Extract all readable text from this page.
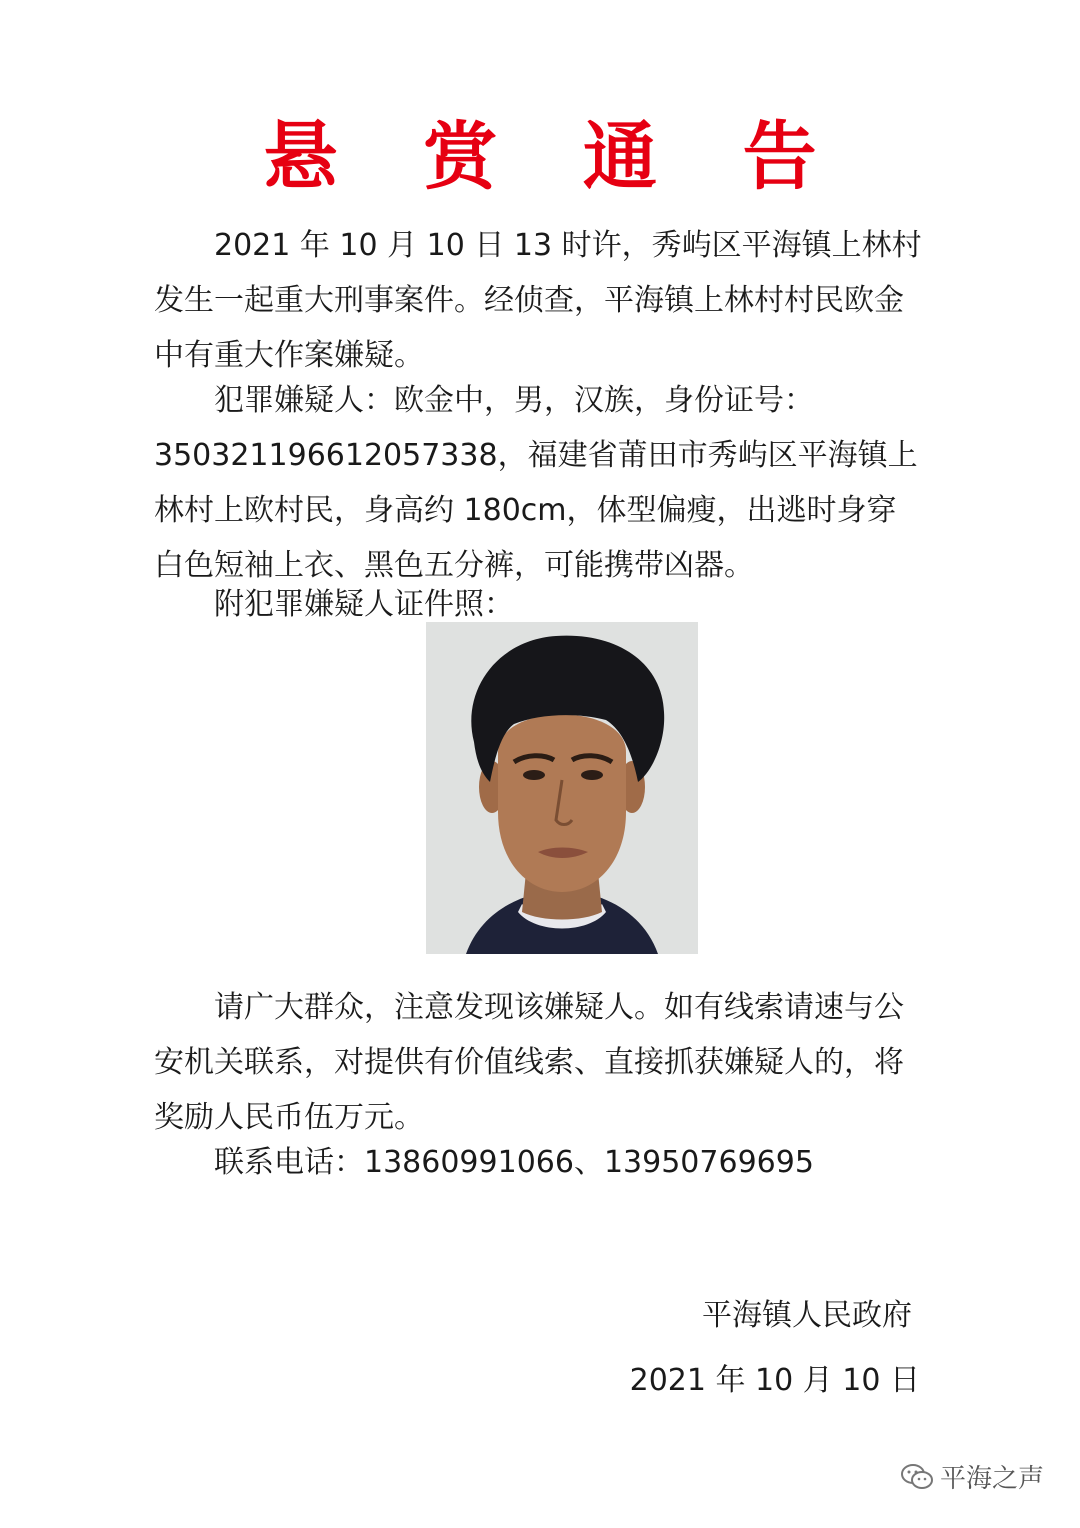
悬 赏 通 告

2021 年 10 月 10 日 13 时许，秀屿区平海镇上林村发生一起重大刑事案件。经侦查，平海镇上林村村民欧金中有重大作案嫌疑。

犯罪嫌疑人：欧金中，男，汉族，身份证号：350321196612057338，福建省莆田市秀屿区平海镇上林村上欧村民，身高约 180cm，体型偏瘦，出逃时身穿白色短袖上衣、黑色五分裤，可能携带凶器。

附犯罪嫌疑人证件照：

请广大群众，注意发现该嫌疑人。如有线索请速与公安机关联系，对提供有价值线索、直接抓获嫌疑人的，将奖励人民币伍万元。

联系电话：13860991066、13950769695

平海镇人民政府
2021 年 10 月 10 日
平海之声
